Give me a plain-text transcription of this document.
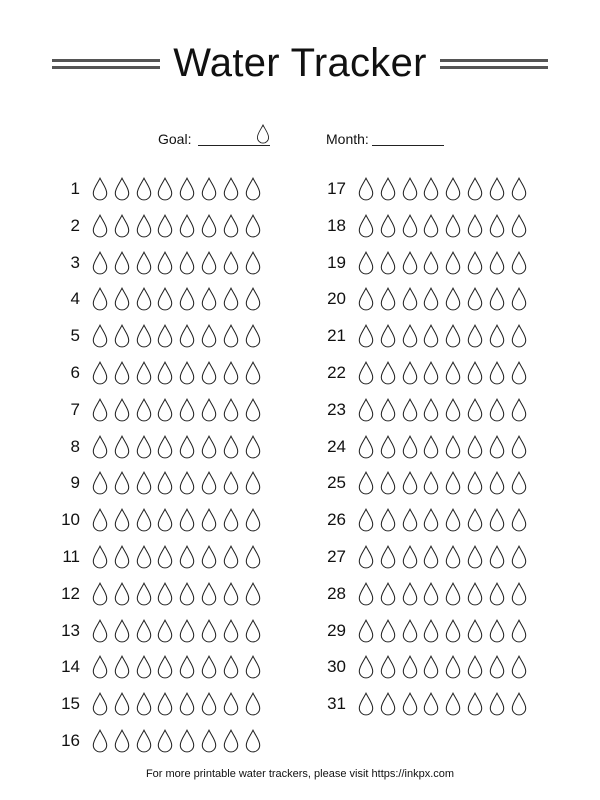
Water Tracker
Goal:	Month:
1
2
3
4
5
6
7
8
9
10
11
12
13
14
15
16
17
18
19
20
21
22
23
24
25
26
27
28
29
30
31
For more printable water trackers, please visit https://inkpx.com
